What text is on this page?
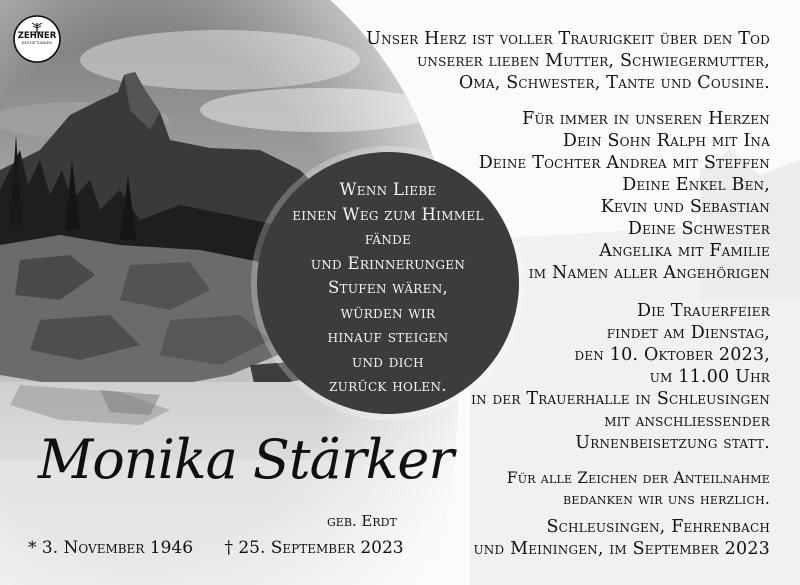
ZEHNER
BESTATTUNGEN
Wenn Liebe
einen Weg zum Himmel
fände
und Erinnerungen
Stufen wären,
würden wir
hinauf steigen
und dich
zurück holen.
Monika Stärker
geb. Erdt
* 3. November 1946 † 25. September 2023
Unser Herz ist voller Traurigkeit über den Tod
unserer lieben Mutter, Schwiegermutter,
Oma, Schwester, Tante und Cousine.
Für immer in unseren Herzen
Dein Sohn Ralph mit Ina
Deine Tochter Andrea mit Steffen
Deine Enkel Ben,
Kevin und Sebastian
Deine Schwester
Angelika mit Familie
im Namen aller Angehörigen
Die Trauerfeier
findet am Dienstag,
den 10. Oktober 2023,
um 11.00 Uhr
in der Trauerhalle in Schleusingen
mit anschliessender
Urnenbeisetzung statt.
Für alle Zeichen der Anteilnahme
bedanken wir uns herzlich.
Schleusingen, Fehrenbach
und Meiningen, im September 2023
